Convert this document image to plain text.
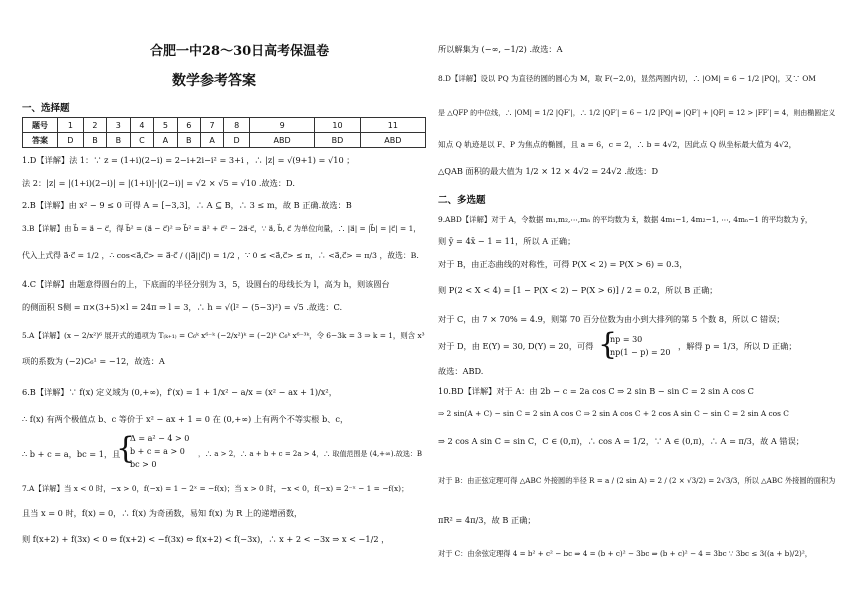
合肥一中28～30日高考保温卷
数学参考答案
一、选择题
题号	1	2	3	4	5	6	7	8	9	10	11
答案	D	B	B	C	A	B	A	D	ABD	BD	ABD
1.D【详解】法 1：∵ z = (1+i)(2−i) = 2−i+2i−i² = 3+i ，∴ |z| = √(9+1) = √10 ；
法 2：|z| = |(1+i)(2−i)| = |(1+i)|·|(2−i)| = √2 × √5 = √10 .故选：D.
2.B【详解】由 x² − 9 ≤ 0 可得 A = [−3,3]，∴ A ⊆ B，∴ 3 ≤ m，故 B 正确.故选：B
3.B【详解】由 b⃗ = a⃗ − c⃗，得 b⃗² = (a⃗ − c⃗)² ⇒ b⃗² = a⃗² + c⃗² − 2a⃗·c⃗，∵ a⃗, b⃗, c⃗ 为单位向量，∴ |a⃗| = |b⃗| = |c⃗| = 1，
代入上式得 a⃗·c⃗ = 1/2 ，∴ cos<a⃗,c⃗> = a⃗·c⃗ / (|a⃗||c⃗|) = 1/2 ，∵ 0 ≤ <a⃗,c⃗> ≤ π，∴ <a⃗,c⃗> = π/3 ，故选：B.
4.C【详解】由题意得圆台的上，下底面的半径分别为 3，5，设圆台的母线长为 l，高为 h，则该圆台
的侧面积 S侧 = π×(3+5)×l = 24π ⇒ l = 3，∴ h = √(l² − (5−3)²) = √5 .故选：C.
5.A【详解】(x − 2/x²)⁶ 展开式的通项为 T₍ₖ₊₁₎ = C₆ᵏ x⁶⁻ᵏ (−2/x²)ᵏ = (−2)ᵏ C₆ᵏ x⁶⁻³ᵏ，令 6−3k = 3 ⇒ k = 1，则含 x³
项的系数为 (−2)C₆¹ = −12，故选：A
6.B【详解】∵ f(x) 定义域为 (0,+∞)，f′(x) = 1 + 1/x² − a/x = (x² − ax + 1)/x²，
∴ f(x) 有两个极值点 b、c 等价于 x² − ax + 1 = 0 在 (0,+∞) 上有两个不等实根 b、c，
∴ b + c = a，bc = 1，且
{
Δ = a² − 4 > 0
b + c = a > 0
bc > 0
，∴ a > 2，∴ a + b + c = 2a > 4，∴ 取值范围是 (4,+∞).故选：B
7.A【详解】当 x < 0 时，−x > 0，f(−x) = 1 − 2ˣ = −f(x)；当 x > 0 时，−x < 0，f(−x) = 2⁻ˣ − 1 = −f(x)；
且当 x = 0 时，f(x) = 0，∴ f(x) 为奇函数，易知 f(x) 为 R 上的递增函数，
则 f(x+2) + f(3x) < 0 ⇔ f(x+2) < −f(3x) ⇔ f(x+2) < f(−3x)，∴ x + 2 < −3x ⇒ x < −1/2 ，
所以解集为 (−∞, −1/2) .故选：A
8.D【详解】设以 PQ 为直径的圆的圆心为 M，取 F(−2,0)，显然两圆内切，∴ |OM| = 6 − 1/2 |PQ|，又∵ OM
是 △QFP 的中位线，∴ |OM| = 1/2 |QF′|，∴ 1/2 |QF′| = 6 − 1/2 |PQ| ⇒ |QF′| + |QF| = 12 > |FF′| = 4，则由椭圆定义
知点 Q 轨迹是以 F、P 为焦点的椭圆，且 a = 6，c = 2，∴ b = 4√2，因此点 Q 纵坐标最大值为 4√2，
△QAB 面积的最大值为 1/2 × 12 × 4√2 = 24√2 .故选：D
二、多选题
9.ABD【详解】对于 A，令数据 m₁,m₂,⋯,mₙ 的平均数为 x̄，数据 4m₁−1, 4m₂−1, ⋯, 4mₙ−1 的平均数为 ȳ，
则 ȳ = 4x̄ − 1 = 11，所以 A 正确；
对于 B，由正态曲线的对称性，可得 P(X < 2) = P(X > 6) = 0.3，
则 P(2 < X < 4) = [1 − P(X < 2) − P(X > 6)] / 2 = 0.2，所以 B 正确；
对于 C，由 7 × 70% = 4.9，则第 70 百分位数为由小到大排列的第 5 个数 8，所以 C 错误；
对于 D，由 E(Y) = 30, D(Y) = 20，可得 {
np = 30
np(1 − p) = 20
，解得 p = 1/3，所以 D 正确；
故选：ABD.
10.BD【详解】对于 A：由 2b − c = 2a cos C ⇒ 2 sin B − sin C = 2 sin A cos C
⇒ 2 sin(A + C) − sin C = 2 sin A cos C ⇒ 2 sin A cos C + 2 cos A sin C − sin C = 2 sin A cos C
⇒ 2 cos A sin C = sin C，C ∈ (0,π)，∴ cos A = 1/2，∵ A ∈ (0,π)，∴ A = π/3，故 A 错误；
对于 B：由正弦定理可得 △ABC 外接圆的半径 R = a / (2 sin A) = 2 / (2 × √3/2) = 2√3/3，所以 △ABC 外接圆的面积为
πR² = 4π/3，故 B 正确；
对于 C：由余弦定理得 4 = b² + c² − bc ⇒ 4 = (b + c)² − 3bc ⇒ (b + c)² − 4 = 3bc ∵ 3bc ≤ 3((a + b)/2)²，
